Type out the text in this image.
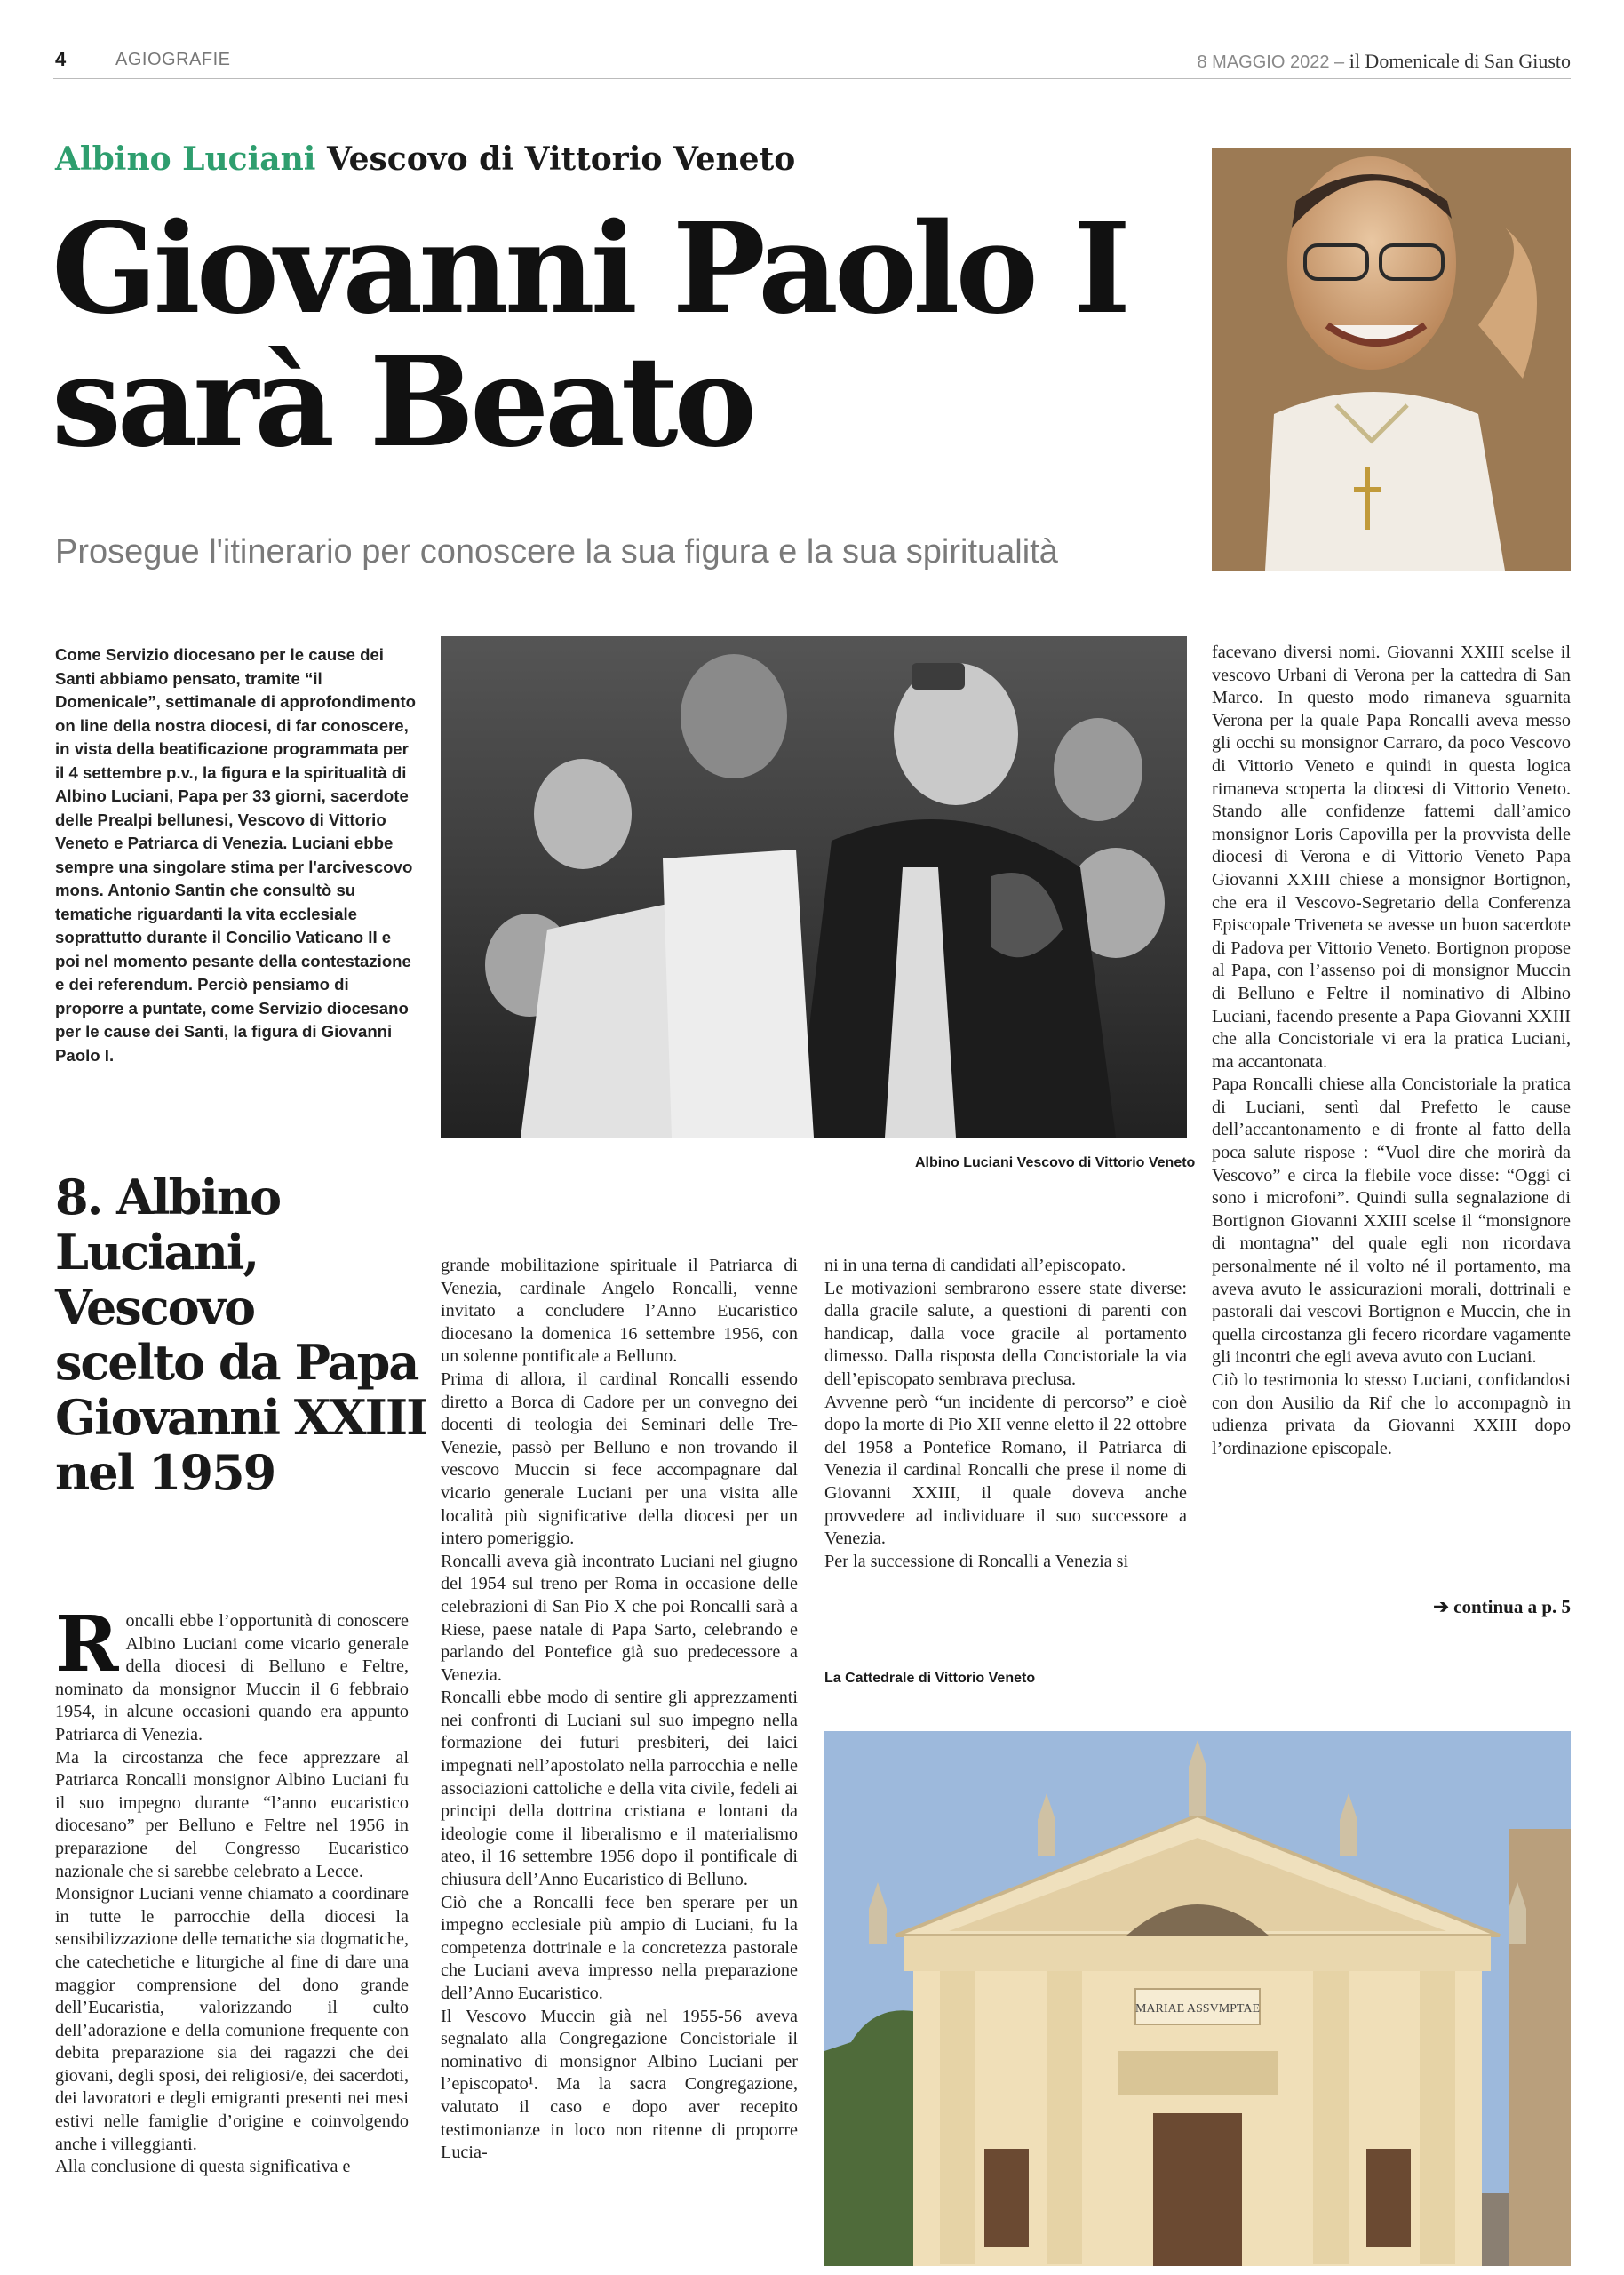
4	AGIOGRAFIE	8 MAGGIO 2022 – il Domenicale di San Giusto
Albino Luciani Vescovo di Vittorio Veneto
Giovanni Paolo I
sarà Beato
Prosegue l'itinerario per conoscere la sua figura e la sua spiritualità

Come Servizio diocesano per le cause dei Santi abbiamo pensato, tramite “il Domenicale”, settimanale di approfondimento on line della nostra diocesi, di far conoscere, in vista della beatificazione programmata per il 4 settembre p.v., la figura e la spiritualità di Albino Luciani, Papa per 33 giorni, sacerdote delle Prealpi bellunesi, Vescovo di Vittorio Veneto e Patriarca di Venezia. Luciani ebbe sempre una singolare stima per l'arcivescovo mons. Antonio Santin che consultò su tematiche riguardanti la vita ecclesiale soprattutto durante il Concilio Vaticano II e poi nel momento pesante della contestazione e dei referendum. Perciò pensiamo di proporre a puntate, come Servizio diocesano per le cause dei Santi, la figura di Giovanni Paolo I.

Albino Luciani Vescovo di Vittorio Veneto
8. Albino
Luciani,
Vescovo
scelto da Papa
Giovanni XXIII
nel 1959

Roncalli ebbe l’opportunità di conoscere Albino Luciani come vicario generale della diocesi di Belluno e Feltre, nominato da monsignor Muccin il 6 febbraio 1954, in alcune occasioni quando era appunto Patriarca di Venezia.

Ma la circostanza che fece apprezzare al Patriarca Roncalli monsignor Albino Luciani fu il suo impegno durante “l’anno eucaristico diocesano” per Belluno e Feltre nel 1956 in preparazione del Congresso Eucaristico nazionale che si sarebbe celebrato a Lecce.

Monsignor Luciani venne chiamato a coordinare in tutte le parrocchie della diocesi la sensibilizzazione delle tematiche sia dogmatiche, che catechetiche e liturgiche al fine di dare una maggior comprensione del dono grande dell’Eucaristia, valorizzando il culto dell’adorazione e della comunione frequente con debita preparazione sia dei ragazzi che dei giovani, degli sposi, dei religiosi/e, dei sacerdoti, dei lavoratori e degli emigranti presenti nei mesi estivi nelle famiglie d’origine e coinvolgendo anche i villeggianti.

Alla conclusione di questa significativa e

grande mobilitazione spirituale il Patriarca di Venezia, cardinale Angelo Roncalli, venne invitato a concludere l’Anno Eucaristico diocesano la domenica 16 settembre 1956, con un solenne pontificale a Belluno.

Prima di allora, il cardinal Roncalli essendo diretto a Borca di Cadore per un convegno dei docenti di teologia dei Seminari delle Tre-Venezie, passò per Belluno e non trovando il vescovo Muccin si fece accompagnare dal vicario generale Luciani per una visita alle località più significative della diocesi per un intero pomeriggio.

Roncalli aveva già incontrato Luciani nel giugno del 1954 sul treno per Roma in occasione delle celebrazioni di San Pio X che poi Roncalli sarà a Riese, paese natale di Papa Sarto, celebrando e parlando del Pontefice già suo predecessore a Venezia.

Roncalli ebbe modo di sentire gli apprezzamenti nei confronti di Luciani sul suo impegno nella formazione dei futuri presbiteri, dei laici impegnati nell’apostolato nella parrocchia e nelle associazioni cattoliche e della vita civile, fedeli ai principi della dottrina cristiana e lontani da ideologie come il liberalismo e il materialismo ateo, il 16 settembre 1956 dopo il pontificale di chiusura dell’Anno Eucaristico di Belluno.

Ciò che a Roncalli fece ben sperare per un impegno ecclesiale più ampio di Luciani, fu la competenza dottrinale e la concretezza pastorale che Luciani aveva impresso nella preparazione dell’Anno Eucaristico.

Il Vescovo Muccin già nel 1955-56 aveva segnalato alla Congregazione Concistoriale il nominativo di monsignor Albino Luciani per l’episcopato¹. Ma la sacra Congregazione, valutato il caso e dopo aver recepito testimonianze in loco non ritenne di proporre Lucia-

ni in una terna di candidati all’episcopato.

Le motivazioni sembrarono essere state diverse: dalla gracile salute, a questioni di parenti con handicap, dalla voce gracile al portamento dimesso. Dalla risposta della Concistoriale la via dell’episcopato sembrava preclusa.

Avvenne però “un incidente di percorso” e cioè dopo la morte di Pio XII venne eletto il 22 ottobre del 1958 a Pontefice Romano, il Patriarca di Venezia il cardinal Roncalli che prese il nome di Giovanni XXIII, il quale doveva anche provvedere ad individuare il suo successore a Venezia.

Per la successione di Roncalli a Venezia si

facevano diversi nomi. Giovanni XXIII scelse il vescovo Urbani di Verona per la cattedra di San Marco. In questo modo rimaneva sguarnita Verona per la quale Papa Roncalli aveva messo gli occhi su monsignor Carraro, da poco Vescovo di Vittorio Veneto e quindi in questa logica rimaneva scoperta la diocesi di Vittorio Veneto. Stando alle confidenze fattemi dall’amico monsignor Loris Capovilla per la provvista delle diocesi di Verona e di Vittorio Veneto Papa Giovanni XXIII chiese a monsignor Bortignon, che era il Vescovo-Segretario della Conferenza Episcopale Triveneta se avesse un buon sacerdote di Padova per Vittorio Veneto. Bortignon propose al Papa, con l’assenso poi di monsignor Muccin di Belluno e Feltre il nominativo di Albino Luciani, facendo presente a Papa Giovanni XXIII che alla Concistoriale vi era la pratica Luciani, ma accantonata.

Papa Roncalli chiese alla Concistoriale la pratica di Luciani, sentì dal Prefetto le cause dell’accantonamento e di fronte al fatto della poca salute rispose : “Vuol dire che morirà da Vescovo” e circa la flebile voce disse: “Oggi ci sono i microfoni”. Quindi sulla segnalazione di Bortignon Giovanni XXIII scelse il “monsignore di montagna” del quale egli non ricordava personalmente né il volto né il portamento, ma aveva avuto le assicurazioni morali, dottrinali e pastorali dai vescovi Bortignon e Muccin, che in quella circostanza gli fecero ricordare vagamente gli incontri che egli aveva avuto con Luciani.

Ciò lo testimonia lo stesso Luciani, confidandosi con don Ausilio da Rif che lo accompagnò in udienza privata da Giovanni XXIII dopo l’ordinazione episcopale.

➔ continua a p. 5
La Cattedrale di Vittorio Veneto
MARIAE ASSVMPTAE
